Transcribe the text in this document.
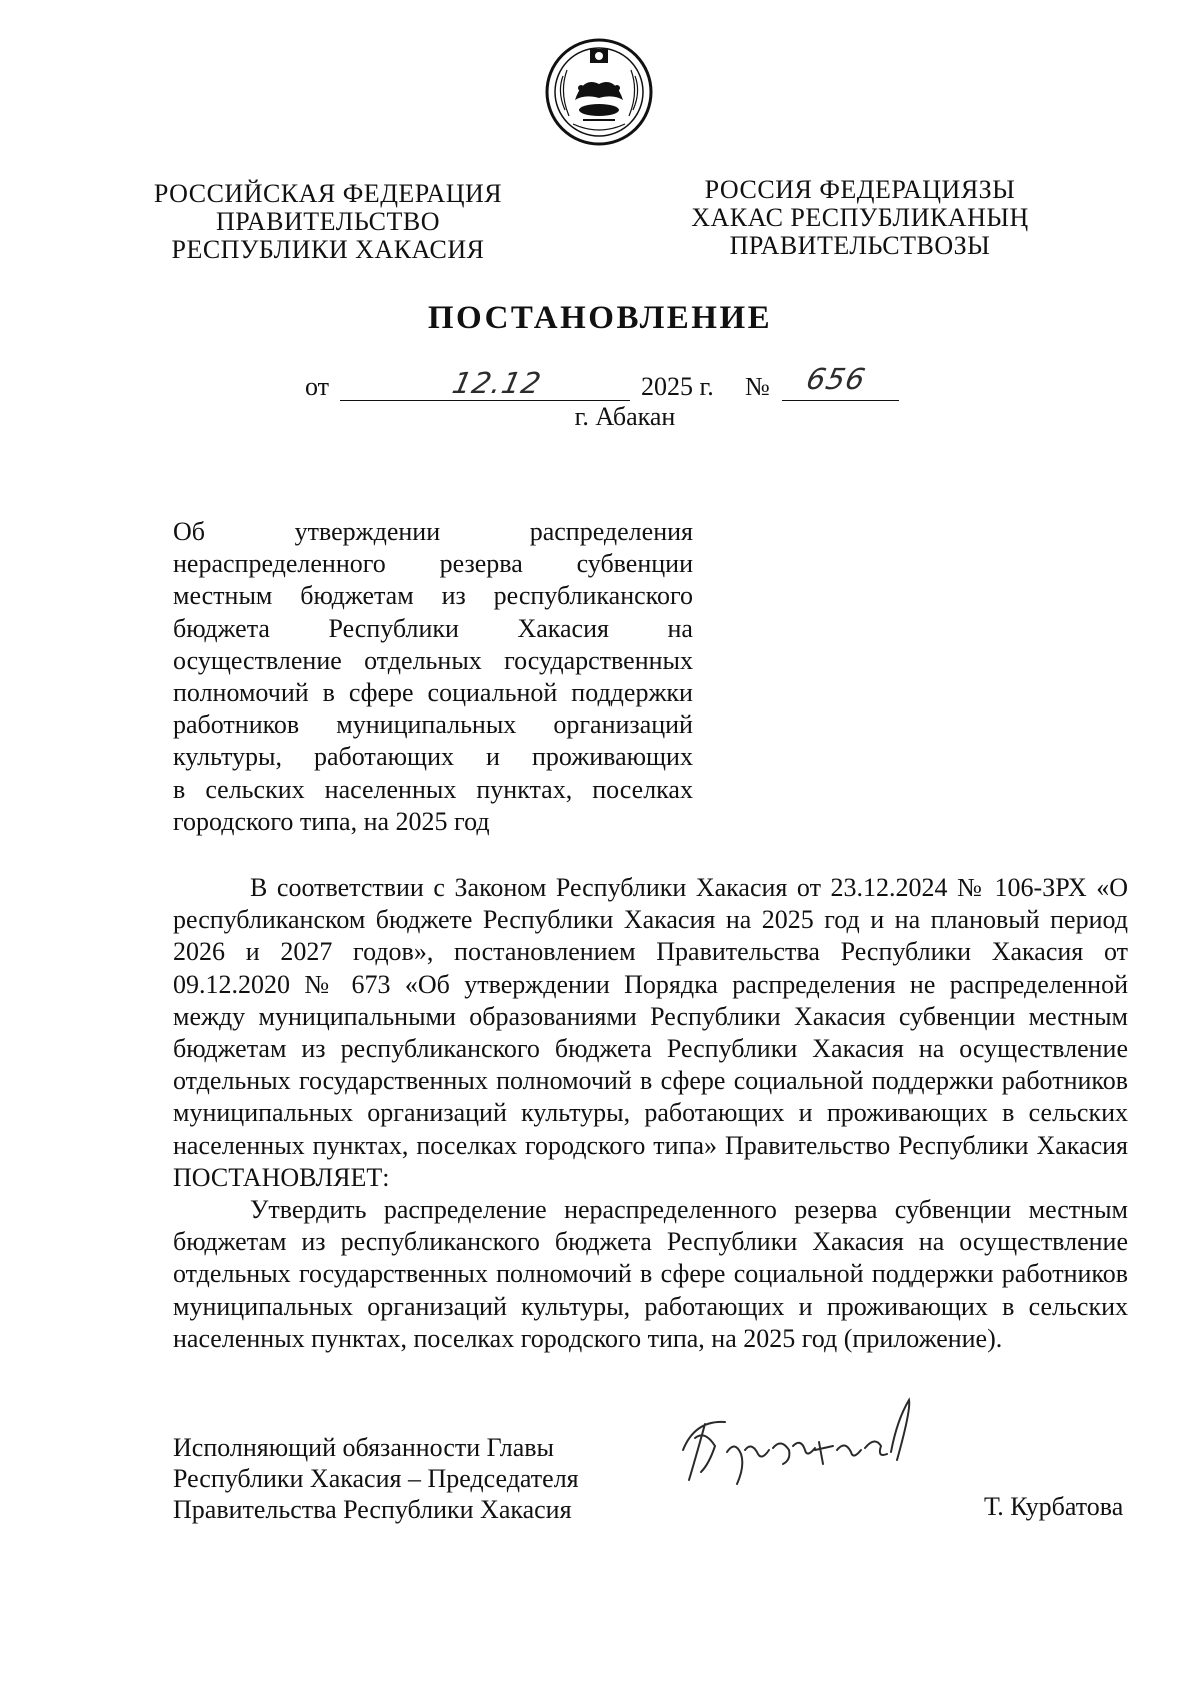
РОССИЙСКАЯ ФЕДЕРАЦИЯ
ПРАВИТЕЛЬСТВО
РЕСПУБЛИКИ ХАКАСИЯ
РОССИЯ ФЕДЕРАЦИЯЗЫ
ХАКАС РЕСПУБЛИКАНЫҢ
ПРАВИТЕЛЬСТВОЗЫ
ПОСТАНОВЛЕНИЕ
от	12.12	2025 г. № 656
г. Абакан
Об	утверждении	распределения
нераспределенного резерва субвенции
местным бюджетам из республиканского
бюджета Республики Хакасия на
осуществление отдельных государственных
полномочий в сфере социальной поддержки
работников муниципальных организаций
культуры, работающих и проживающих
в сельских населенных пунктах, поселках
городского типа, на 2025 год

В соответствии с Законом Республики Хакасия от 23.12.2024 № 106-ЗРХ «О республиканском бюджете Республики Хакасия на 2025 год и на плановый период 2026 и 2027 годов», постановлением Правительства Республики Хакасия от 09.12.2020 № 673 «Об утверждении Порядка распределения не распределенной между муниципальными образованиями Республики Хакасия субвенции местным бюджетам из республиканского бюджета Республики Хакасия на осуществление отдельных государственных полномочий в сфере социальной поддержки работников муниципальных организаций культуры, работающих и проживающих в сельских населенных пунктах, поселках городского типа» Правительство Республики Хакасия ПОСТАНОВЛЯЕТ:

Утвердить распределение нераспределенного резерва субвенции местным бюджетам из республиканского бюджета Республики Хакасия на осуществление отдельных государственных полномочий в сфере социальной поддержки работников муниципальных организаций культуры, работающих и проживающих в сельских населенных пунктах, поселках городского типа, на 2025 год (приложение).

Исполняющий обязанности Главы
Республики Хакасия – Председателя
Правительства Республики Хакасия	Т. Курбатова
